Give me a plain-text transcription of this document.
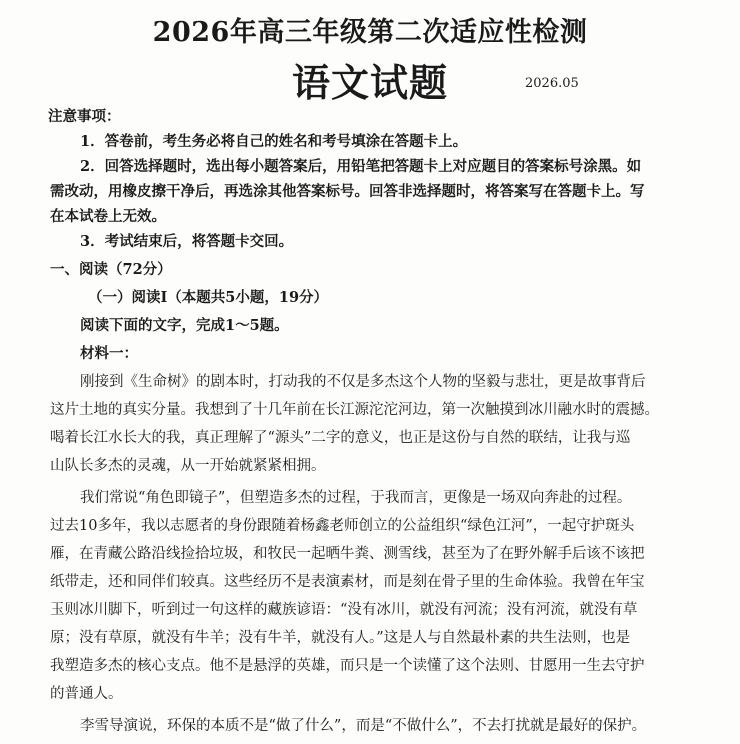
2026年高三年级第二次适应性检测
语文试题	2026.05
注意事项：
1．答卷前，考生务必将自己的姓名和考号填涂在答题卡上。
2．回答选择题时，选出每小题答案后，用铅笔把答题卡上对应题目的答案标号涂黑。如
需改动，用橡皮擦干净后，再选涂其他答案标号。回答非选择题时，将答案写在答题卡上。写
在本试卷上无效。
3．考试结束后，将答题卡交回。
一、阅读（72分）
（一）阅读Ⅰ（本题共5小题，19分）
阅读下面的文字，完成1～5题。
材料一：
刚接到《生命树》的剧本时，打动我的不仅是多杰这个人物的坚毅与悲壮，更是故事背后
这片土地的真实分量。我想到了十几年前在长江源沱沱河边，第一次触摸到冰川融水时的震撼。
喝着长江水长大的我，真正理解了“源头”二字的意义，也正是这份与自然的联结，让我与巡
山队长多杰的灵魂，从一开始就紧紧相拥。
我们常说“角色即镜子”，但塑造多杰的过程，于我而言，更像是一场双向奔赴的过程。
过去10多年，我以志愿者的身份跟随着杨鑫老师创立的公益组织“绿色江河”，一起守护斑头
雁，在青藏公路沿线捡拾垃圾，和牧民一起晒牛粪、测雪线，甚至为了在野外解手后该不该把
纸带走，还和同伴们较真。这些经历不是表演素材，而是刻在骨子里的生命体验。我曾在年宝
玉则冰川脚下，听到过一句这样的藏族谚语：“没有冰川，就没有河流；没有河流，就没有草
原；没有草原，就没有牛羊；没有牛羊，就没有人。”这是人与自然最朴素的共生法则，也是
我塑造多杰的核心支点。他不是悬浮的英雄，而只是一个读懂了这个法则、甘愿用一生去守护
的普通人。
李雪导演说，环保的本质不是“做了什么”，而是“不做什么”，不去打扰就是最好的保护。
